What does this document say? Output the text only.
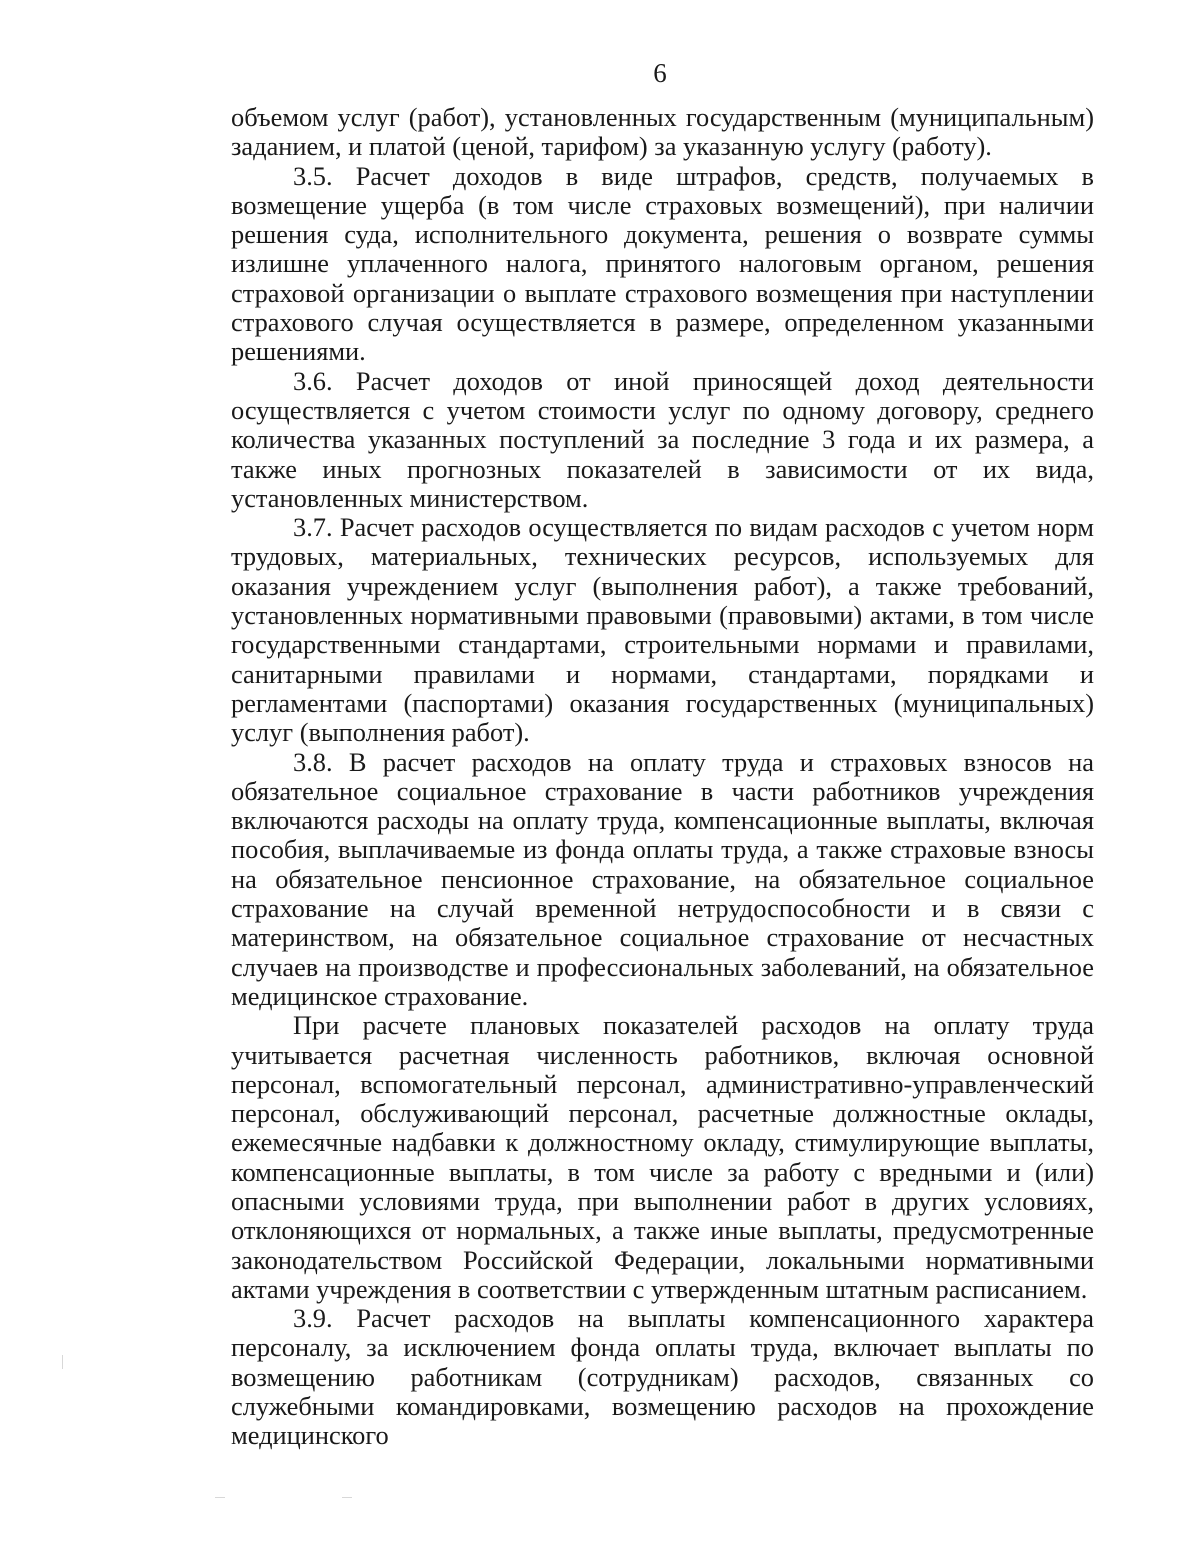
6

объемом услуг (работ), установленных государственным (муниципальным) заданием, и платой (ценой, тарифом) за указанную услугу (работу).

3.5. Расчет доходов в виде штрафов, средств, получаемых в возмещение ущерба (в том числе страховых возмещений), при наличии решения суда, исполнительного документа, решения о возврате суммы излишне уплаченного налога, принятого налоговым органом, решения страховой организации о выплате страхового возмещения при наступлении страхового случая осуществляется в размере, определенном указанными решениями.

3.6. Расчет доходов от иной приносящей доход деятельности осуществляется с учетом стоимости услуг по одному договору, среднего количества указанных поступлений за последние 3 года и их размера, а также иных прогнозных показателей в зависимости от их вида, установленных министерством.

3.7. Расчет расходов осуществляется по видам расходов с учетом норм трудовых, материальных, технических ресурсов, используемых для оказания учреждением услуг (выполнения работ), а также требований, установленных нормативными правовыми (правовыми) актами, в том числе государственными стандартами, строительными нормами и правилами, санитарными правилами и нормами, стандартами, порядками и регламентами (паспортами) оказания государственных (муниципальных) услуг (выполнения работ).

3.8. В расчет расходов на оплату труда и страховых взносов на обязательное социальное страхование в части работников учреждения включаются расходы на оплату труда, компенсационные выплаты, включая пособия, выплачиваемые из фонда оплаты труда, а также страховые взносы на обязательное пенсионное страхование, на обязательное социальное страхование на случай временной нетрудоспособности и в связи с материнством, на обязательное социальное страхование от несчастных случаев на производстве и профессиональных заболеваний, на обязательное медицинское страхование.

При расчете плановых показателей расходов на оплату труда учитывается расчетная численность работников, включая основной персонал, вспомогательный персонал, административно-управленческий персонал, обслуживающий персонал, расчетные должностные оклады, ежемесячные надбавки к должностному окладу, стимулирующие выплаты, компенсационные выплаты, в том числе за работу с вредными и (или) опасными условиями труда, при выполнении работ в других условиях, отклоняющихся от нормальных, а также иные выплаты, предусмотренные законодательством Российской Федерации, локальными нормативными актами учреждения в соответствии с утвержденным штатным расписанием.

3.9. Расчет расходов на выплаты компенсационного характера персоналу, за исключением фонда оплаты труда, включает выплаты по возмещению работникам (сотрудникам) расходов, связанных со служебными командировками, возмещению расходов на прохождение медицинского
